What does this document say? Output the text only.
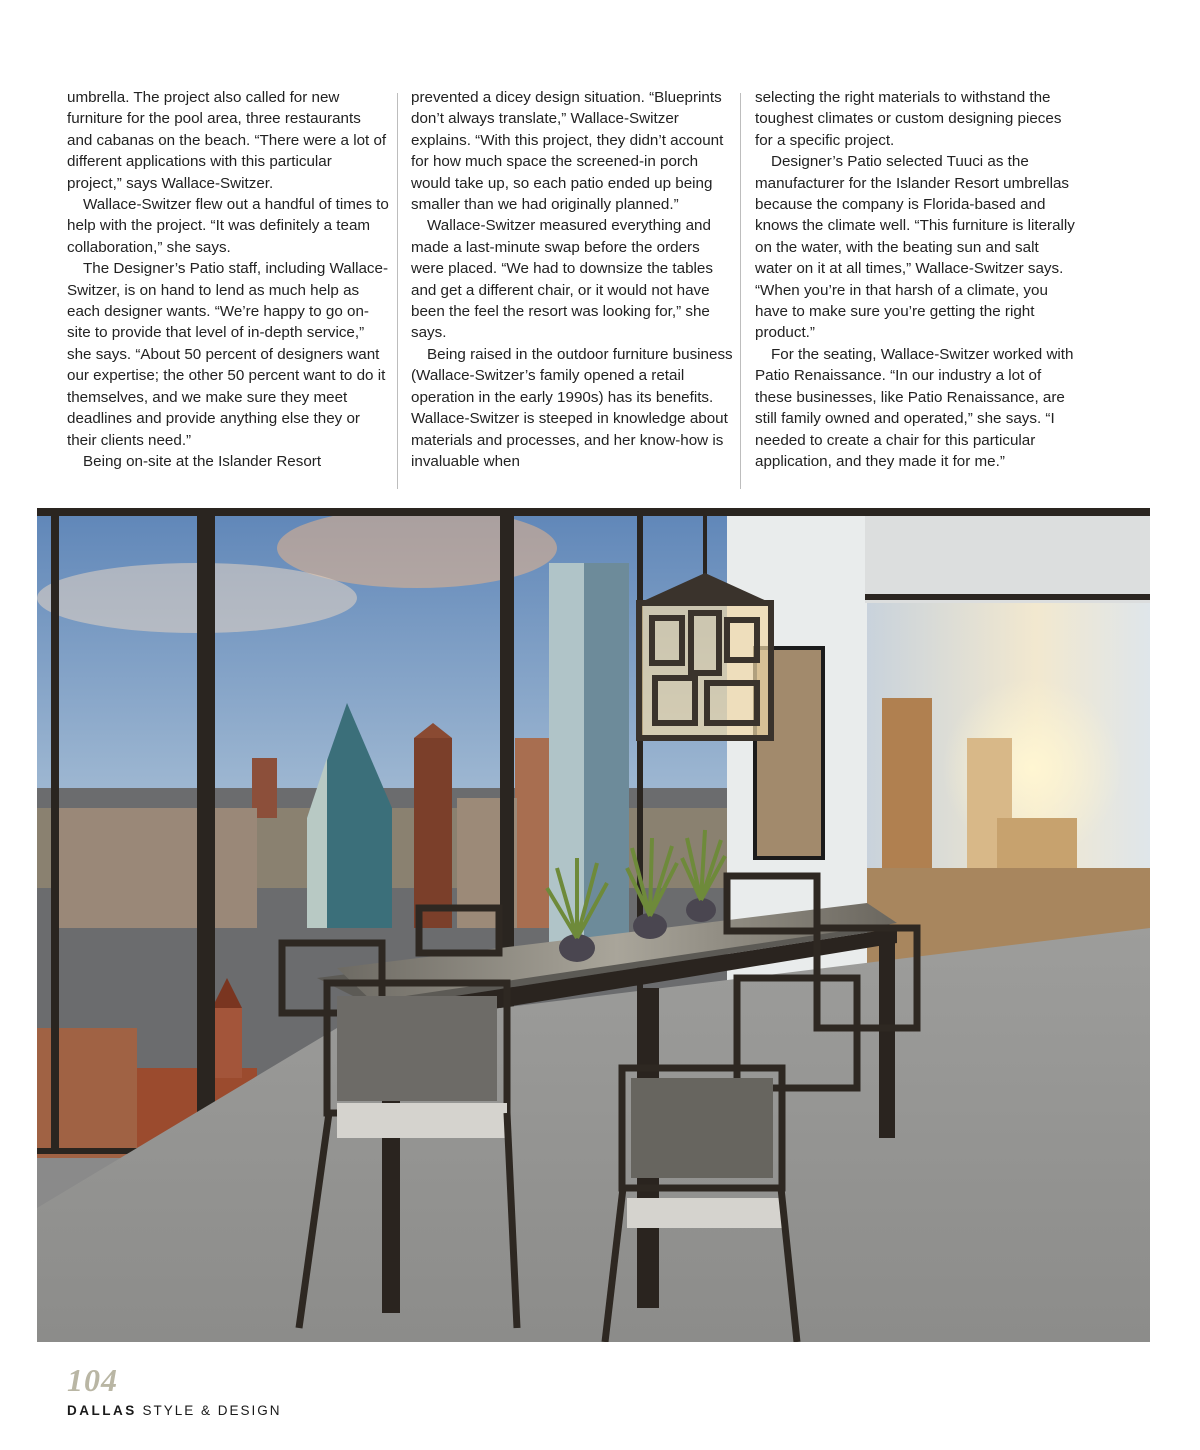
umbrella. The project also called for new furniture for the pool area, three restaurants and cabanas on the beach. “There were a lot of different applications with this particular project,” says Wallace-Switzer.

Wallace-Switzer flew out a handful of times to help with the project. “It was definitely a team collaboration,” she says.

The Designer’s Patio staff, including Wallace-Switzer, is on hand to lend as much help as each designer wants. “We’re happy to go on-site to provide that level of in-depth service,” she says. “About 50 percent of designers want our expertise; the other 50 percent want to do it themselves, and we make sure they meet deadlines and provide anything else they or their clients need.”

Being on-site at the Islander Resort

prevented a dicey design situation. “Blueprints don’t always translate,” Wallace-Switzer explains. “With this project, they didn’t account for how much space the screened-in porch would take up, so each patio ended up being smaller than we had originally planned.”

Wallace-Switzer measured everything and made a last-minute swap before the orders were placed. “We had to downsize the tables and get a different chair, or it would not have been the feel the resort was looking for,” she says.

Being raised in the outdoor furniture business (Wallace-Switzer’s family opened a retail operation in the early 1990s) has its benefits. Wallace-Switzer is steeped in knowledge about materials and processes, and her know-how is invaluable when

selecting the right materials to withstand the toughest climates or custom designing pieces for a specific project.

Designer’s Patio selected Tuuci as the manufacturer for the Islander Resort umbrellas because the company is Florida-based and knows the climate well. “This furniture is literally on the water, with the beating sun and salt water on it at all times,” Wallace-Switzer says. “When you’re in that harsh of a climate, you have to make sure you’re getting the right product.”

For the seating, Wallace-Switzer worked with Patio Renaissance. “In our industry a lot of these businesses, like Patio Renaissance, are still family owned and operated,” she says. “I needed to create a chair for this particular application, and they made it for me.”

104
DALLAS STYLE & DESIGN
